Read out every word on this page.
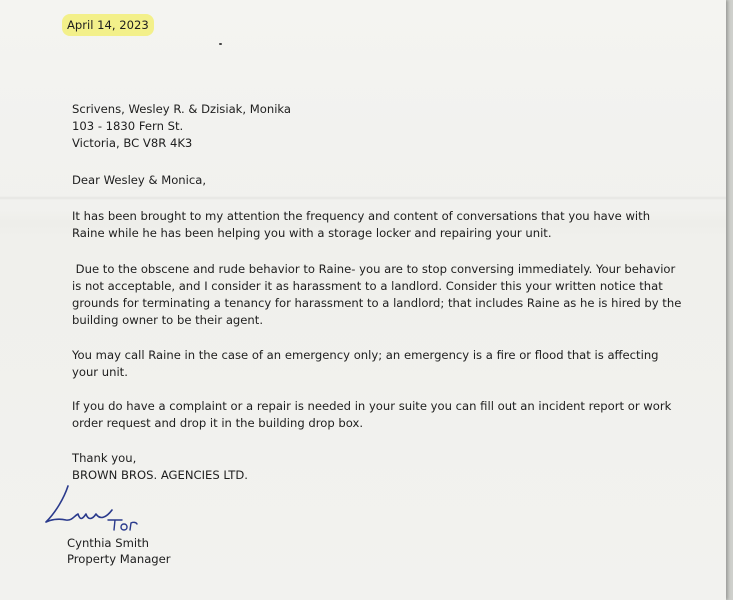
April 14, 2023
Scrivens, Wesley R. & Dzisiak, Monika
103 - 1830 Fern St.
Victoria, BC V8R 4K3
Dear Wesley & Monica,
It has been brought to my attention the frequency and content of conversations that you have with
Raine while he has been helping you with a storage locker and repairing your unit.
Due to the obscene and rude behavior to Raine- you are to stop conversing immediately. Your behavior
is not acceptable, and I consider it as harassment to a landlord. Consider this your written notice that
grounds for terminating a tenancy for harassment to a landlord; that includes Raine as he is hired by the
building owner to be their agent.
You may call Raine in the case of an emergency only; an emergency is a fire or flood that is affecting
your unit.
If you do have a complaint or a repair is needed in your suite you can fill out an incident report or work
order request and drop it in the building drop box.
Thank you,
BROWN BROS. AGENCIES LTD.
Cynthia Smith
Property Manager
